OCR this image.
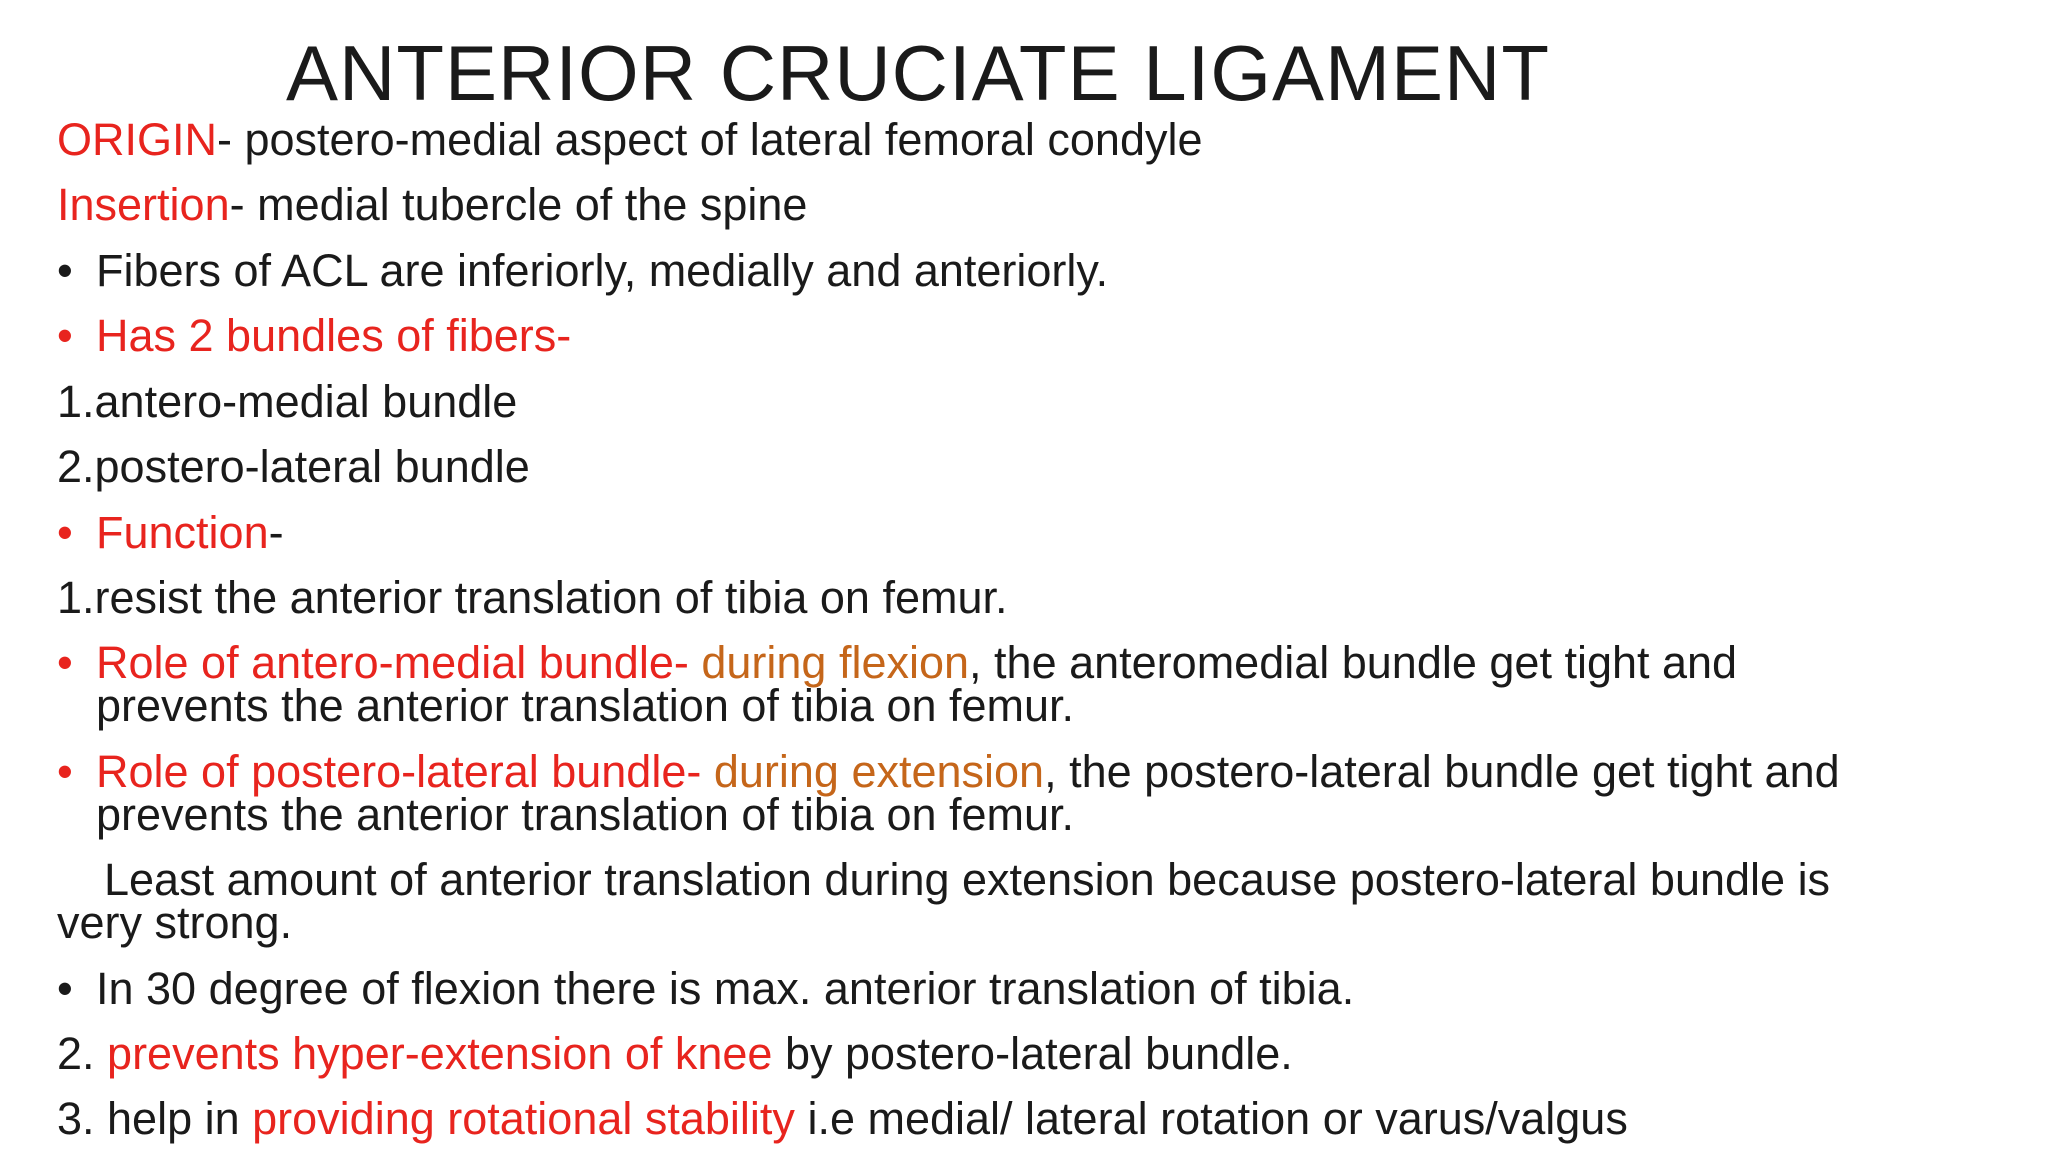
ANTERIOR CRUCIATE LIGAMENT
ORIGIN- postero-medial aspect of lateral femoral condyle
Insertion- medial tubercle of the spine
• Fibers of ACL are inferiorly, medially and anteriorly.
• Has 2 bundles of fibers-
1.antero-medial bundle
2.postero-lateral bundle
• Function-
1.resist the anterior translation of tibia on femur.
• Role of antero-medial bundle- during flexion, the anteromedial bundle get tight and
prevents the anterior translation of tibia on femur.
• Role of postero-lateral bundle- during extension, the postero-lateral bundle get tight and
prevents the anterior translation of tibia on femur.
Least amount of anterior translation during extension because postero-lateral bundle is
very strong.
• In 30 degree of flexion there is max. anterior translation of tibia.
2. prevents hyper-extension of knee by postero-lateral bundle.
3. help in providing rotational stability i.e medial/ lateral rotation or varus/valgus
